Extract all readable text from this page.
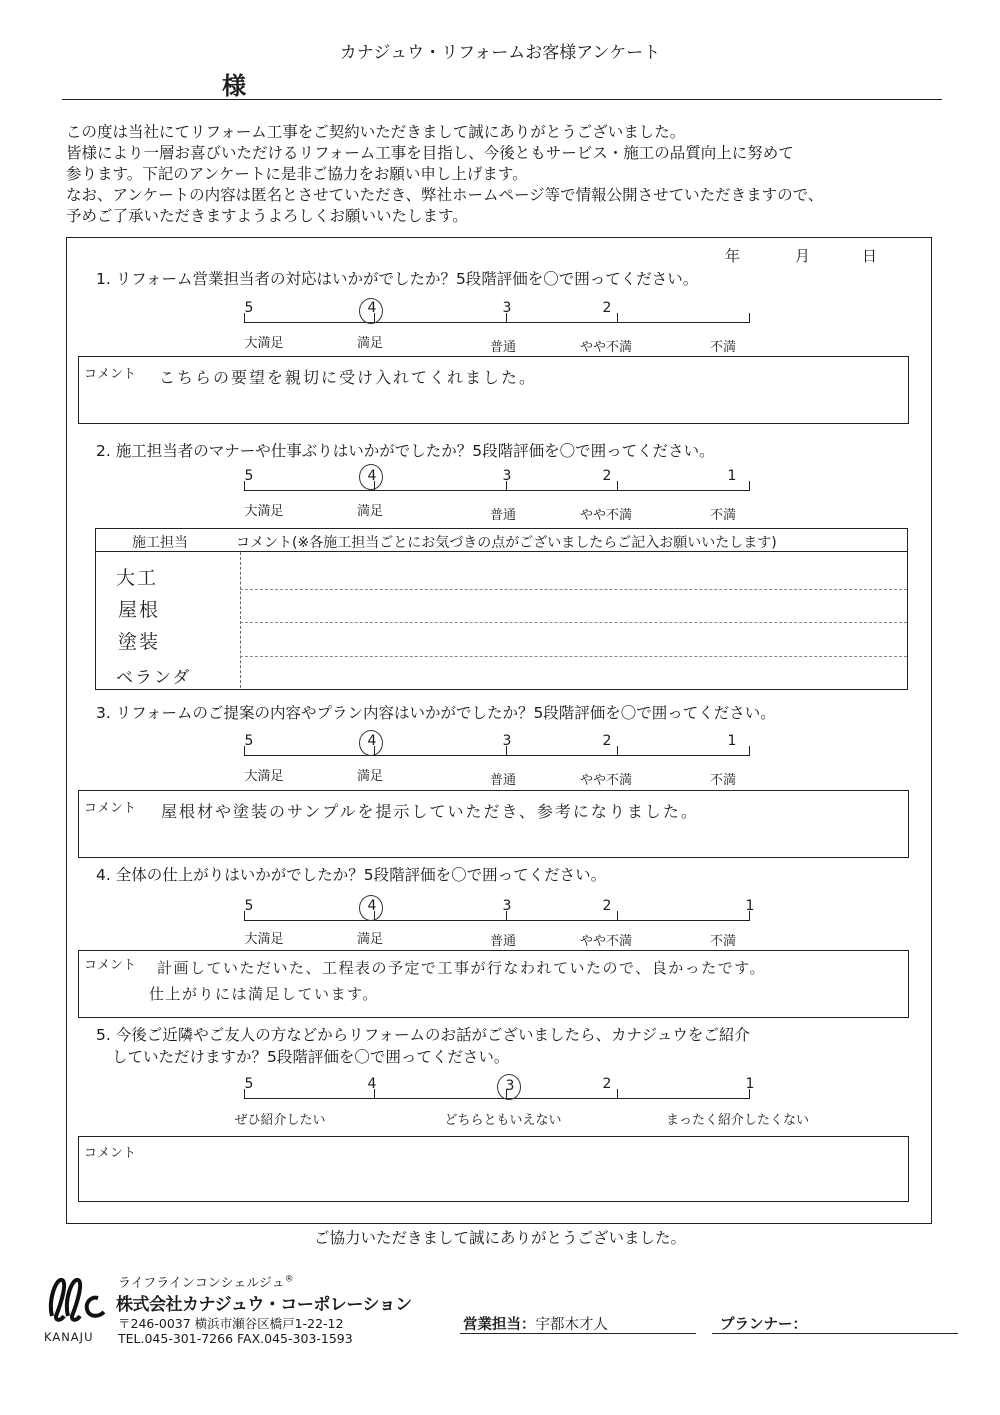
カナジュウ・リフォームお客様アンケート
様
この度は当社にてリフォーム工事をご契約いただきまして誠にありがとうございました。
皆様により一層お喜びいただけるリフォーム工事を目指し、今後ともサービス・施工の品質向上に努めて
参ります。下記のアンケートに是非ご協力をお願い申し上げます。
なお、アンケートの内容は匿名とさせていただき、弊社ホームページ等で情報公開させていただきますので、
予めご了承いただきますようよろしくお願いいたします。
年	月	日
1. リフォーム営業担当者の対応はいかがでしたか？5段階評価を〇で囲ってください。
5	4	3	2
大満足	満足	普通	やや不満	不満
コメント こちらの要望を親切に受け入れてくれました。
2. 施工担当者のマナーや仕事ぶりはいかがでしたか？5段階評価を〇で囲ってください。
5	4	3	2	1
大満足	満足	普通	やや不満	不満
施工担当	コメント(※各施工担当ごとにお気づきの点がございましたらご記入お願いいたします)
大工
屋根
塗装
ベランダ
3. リフォームのご提案の内容やプラン内容はいかがでしたか？5段階評価を〇で囲ってください。
5	4	3	2	1
大満足	満足	普通	やや不満	不満
コメント 屋根材や塗装のサンプルを提示していただき、参考になりました。
4. 全体の仕上がりはいかがでしたか？5段階評価を〇で囲ってください。
5	4	3	2	1
大満足	満足	普通	やや不満	不満
コメント 計画していただいた、工程表の予定で工事が行なわれていたので、良かったです。
仕上がりには満足しています。
5. 今後ご近隣やご友人の方などからリフォームのお話がございましたら、カナジュウをご紹介
していただけますか？5段階評価を〇で囲ってください。
5	4	3	2	1
ぜひ紹介したい	どちらともいえない	まったく紹介したくない
コメント
ご協力いただきまして誠にありがとうございました。
KANAJU
ライフラインコンシェルジュ®
株式会社カナジュウ・コーポレーション
〒246-0037 横浜市瀬谷区橋戸1-22-12
TEL.045-301-7266 FAX.045-303-1593
営業担当：宇都木才人	プランナー：
